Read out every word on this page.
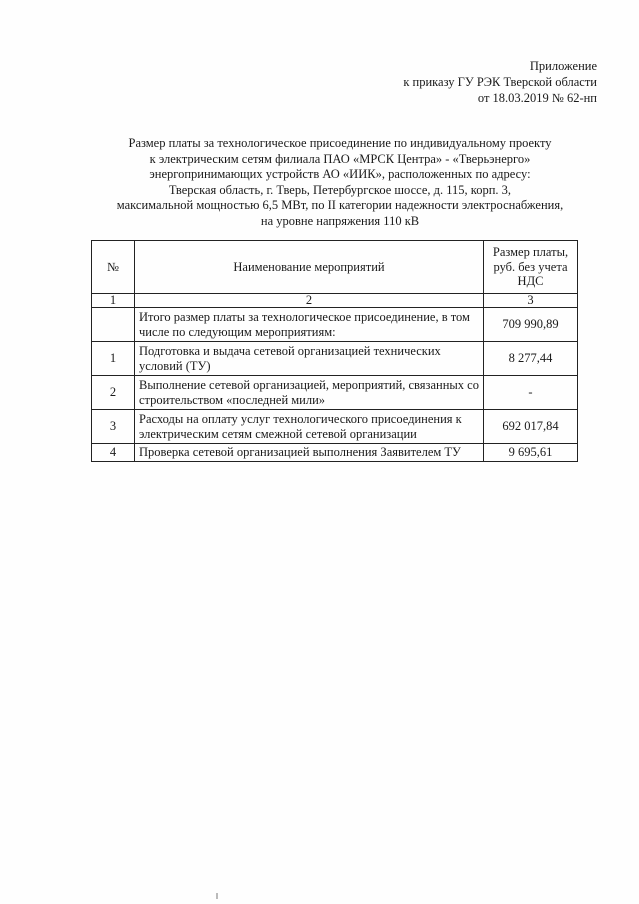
Приложение
к приказу ГУ РЭК Тверской области
от 18.03.2019 № 62-нп
Размер платы за технологическое присоединение по индивидуальному проекту
к электрическим сетям филиала ПАО «МРСК Центра» - «Тверьэнерго»
энергопринимающих устройств АО «ИИК», расположенных по адресу:
Тверская область, г. Тверь, Петербургское шоссе, д. 115, корп. 3,
максимальной мощностью 6,5 МВт, по II категории надежности электроснабжения,
на уровне напряжения 110 кВ
№	Наименование мероприятий	Размер платы, руб. без учета НДС
1	2	3
	Итого размер платы за технологическое присоединение, в том числе по следующим мероприятиям:	709 990,89
1	Подготовка и выдача сетевой организацией технических условий (ТУ)	8 277,44
2	Выполнение сетевой организацией, мероприятий, связанных со строительством «последней мили»	-
3	Расходы на оплату услуг технологического присоединения к электрическим сетям смежной сетевой организации	692 017,84
4	Проверка сетевой организацией выполнения Заявителем ТУ	9 695,61
